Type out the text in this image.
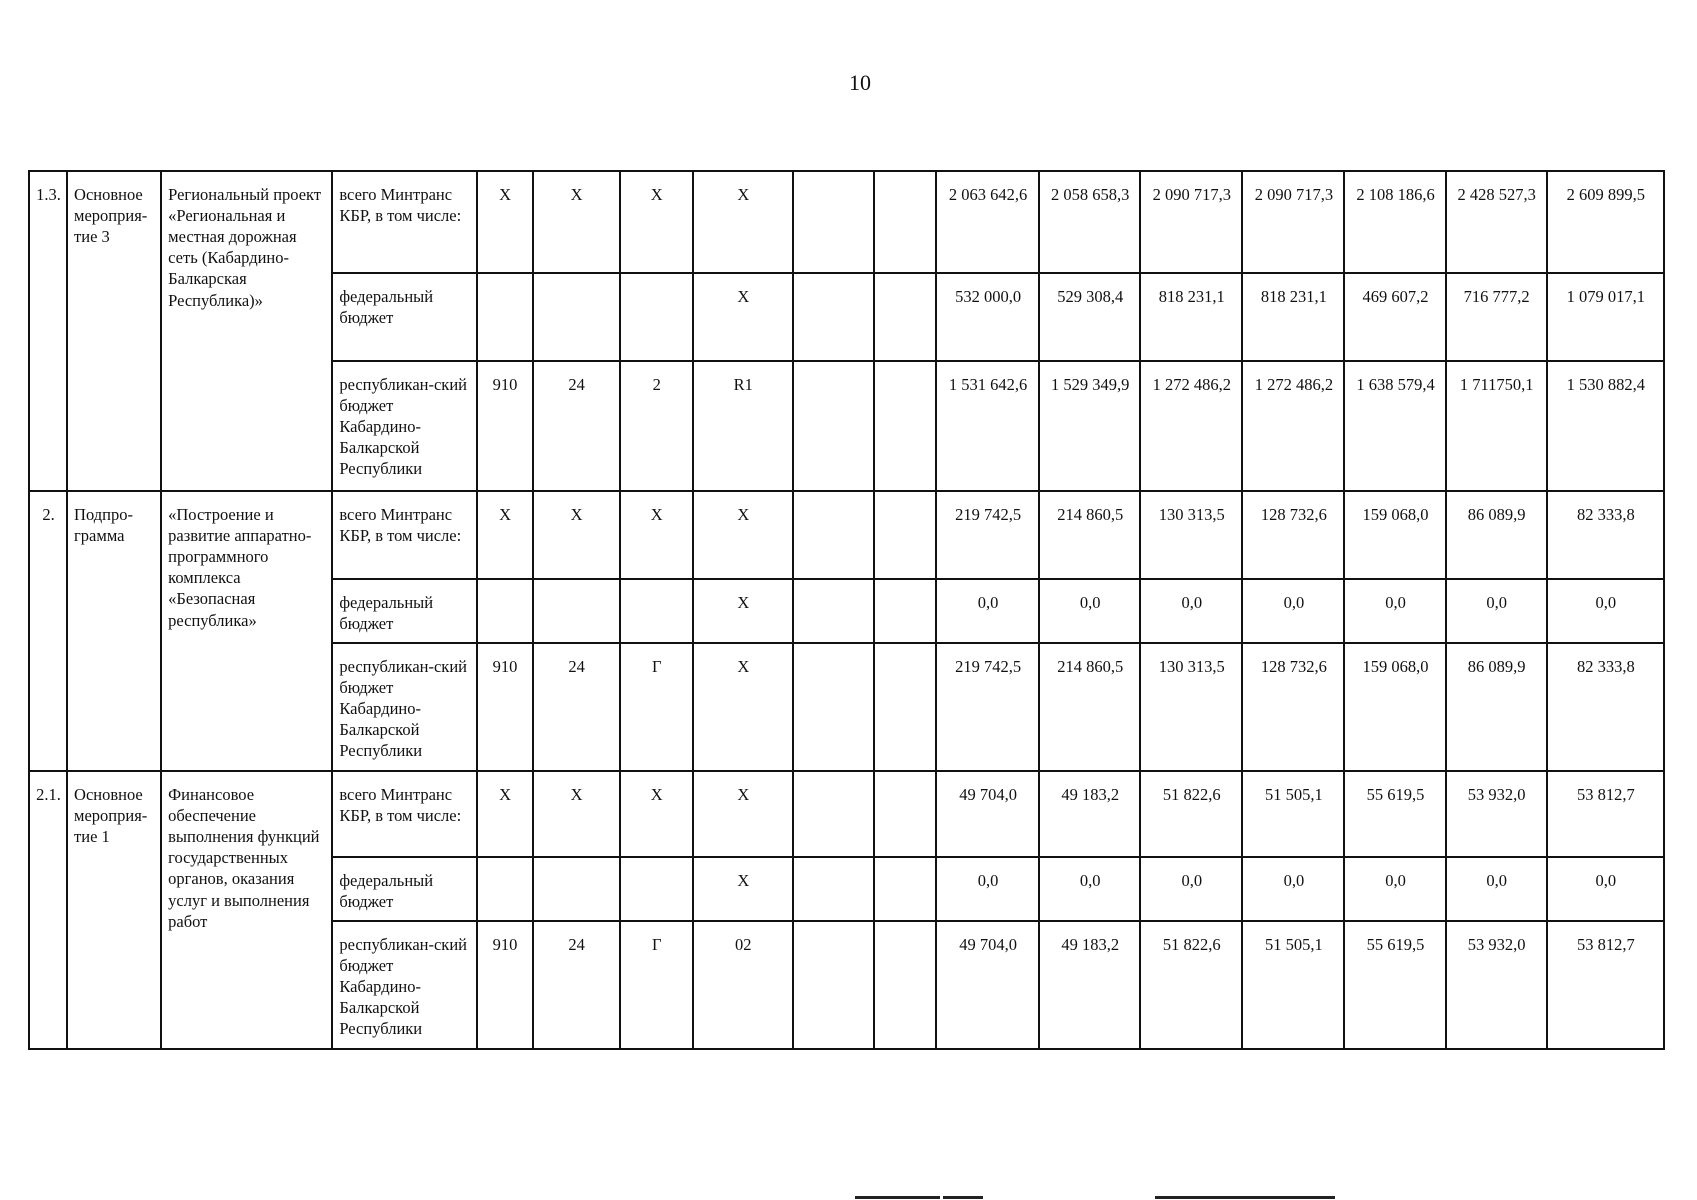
10
1.3.	Основное мероприя-тие 3	Региональный проект «Региональная и местная дорожная сеть (Кабардино-Балкарская Республика)»	всего Минтранс КБР, в том числе:	Х	Х	Х	Х			2 063 642,6	2 058 658,3	2 090 717,3	2 090 717,3	2 108 186,6	2 428 527,3	2 609 899,5
			федеральный бюджет				Х			532 000,0	529 308,4	818 231,1	818 231,1	469 607,2	716 777,2	1 079 017,1
			республикан-ский бюджет Кабардино-Балкарской Республики	910	24	2	R1			1 531 642,6	1 529 349,9	1 272 486,2	1 272 486,2	1 638 579,4	1 711750,1	1 530 882,4
2.	Подпро-грамма	«Построение и развитие аппаратно-программного комплекса «Безопасная республика»	всего Минтранс КБР, в том числе:	Х	Х	Х	Х			219 742,5	214 860,5	130 313,5	128 732,6	159 068,0	86 089,9	82 333,8
			федеральный бюджет				Х			0,0	0,0	0,0	0,0	0,0	0,0	0,0
			республикан-ский бюджет Кабардино-Балкарской Республики	910	24	Г	Х			219 742,5	214 860,5	130 313,5	128 732,6	159 068,0	86 089,9	82 333,8
2.1.	Основное мероприя-тие 1	Финансовое обеспечение выполнения функций государственных органов, оказания услуг и выполнения работ	всего Минтранс КБР, в том числе:	Х	Х	Х	Х			49 704,0	49 183,2	51 822,6	51 505,1	55 619,5	53 932,0	53 812,7
			федеральный бюджет				Х			0,0	0,0	0,0	0,0	0,0	0,0	0,0
			республикан-ский бюджет Кабардино-Балкарской Республики	910	24	Г	02			49 704,0	49 183,2	51 822,6	51 505,1	55 619,5	53 932,0	53 812,7
